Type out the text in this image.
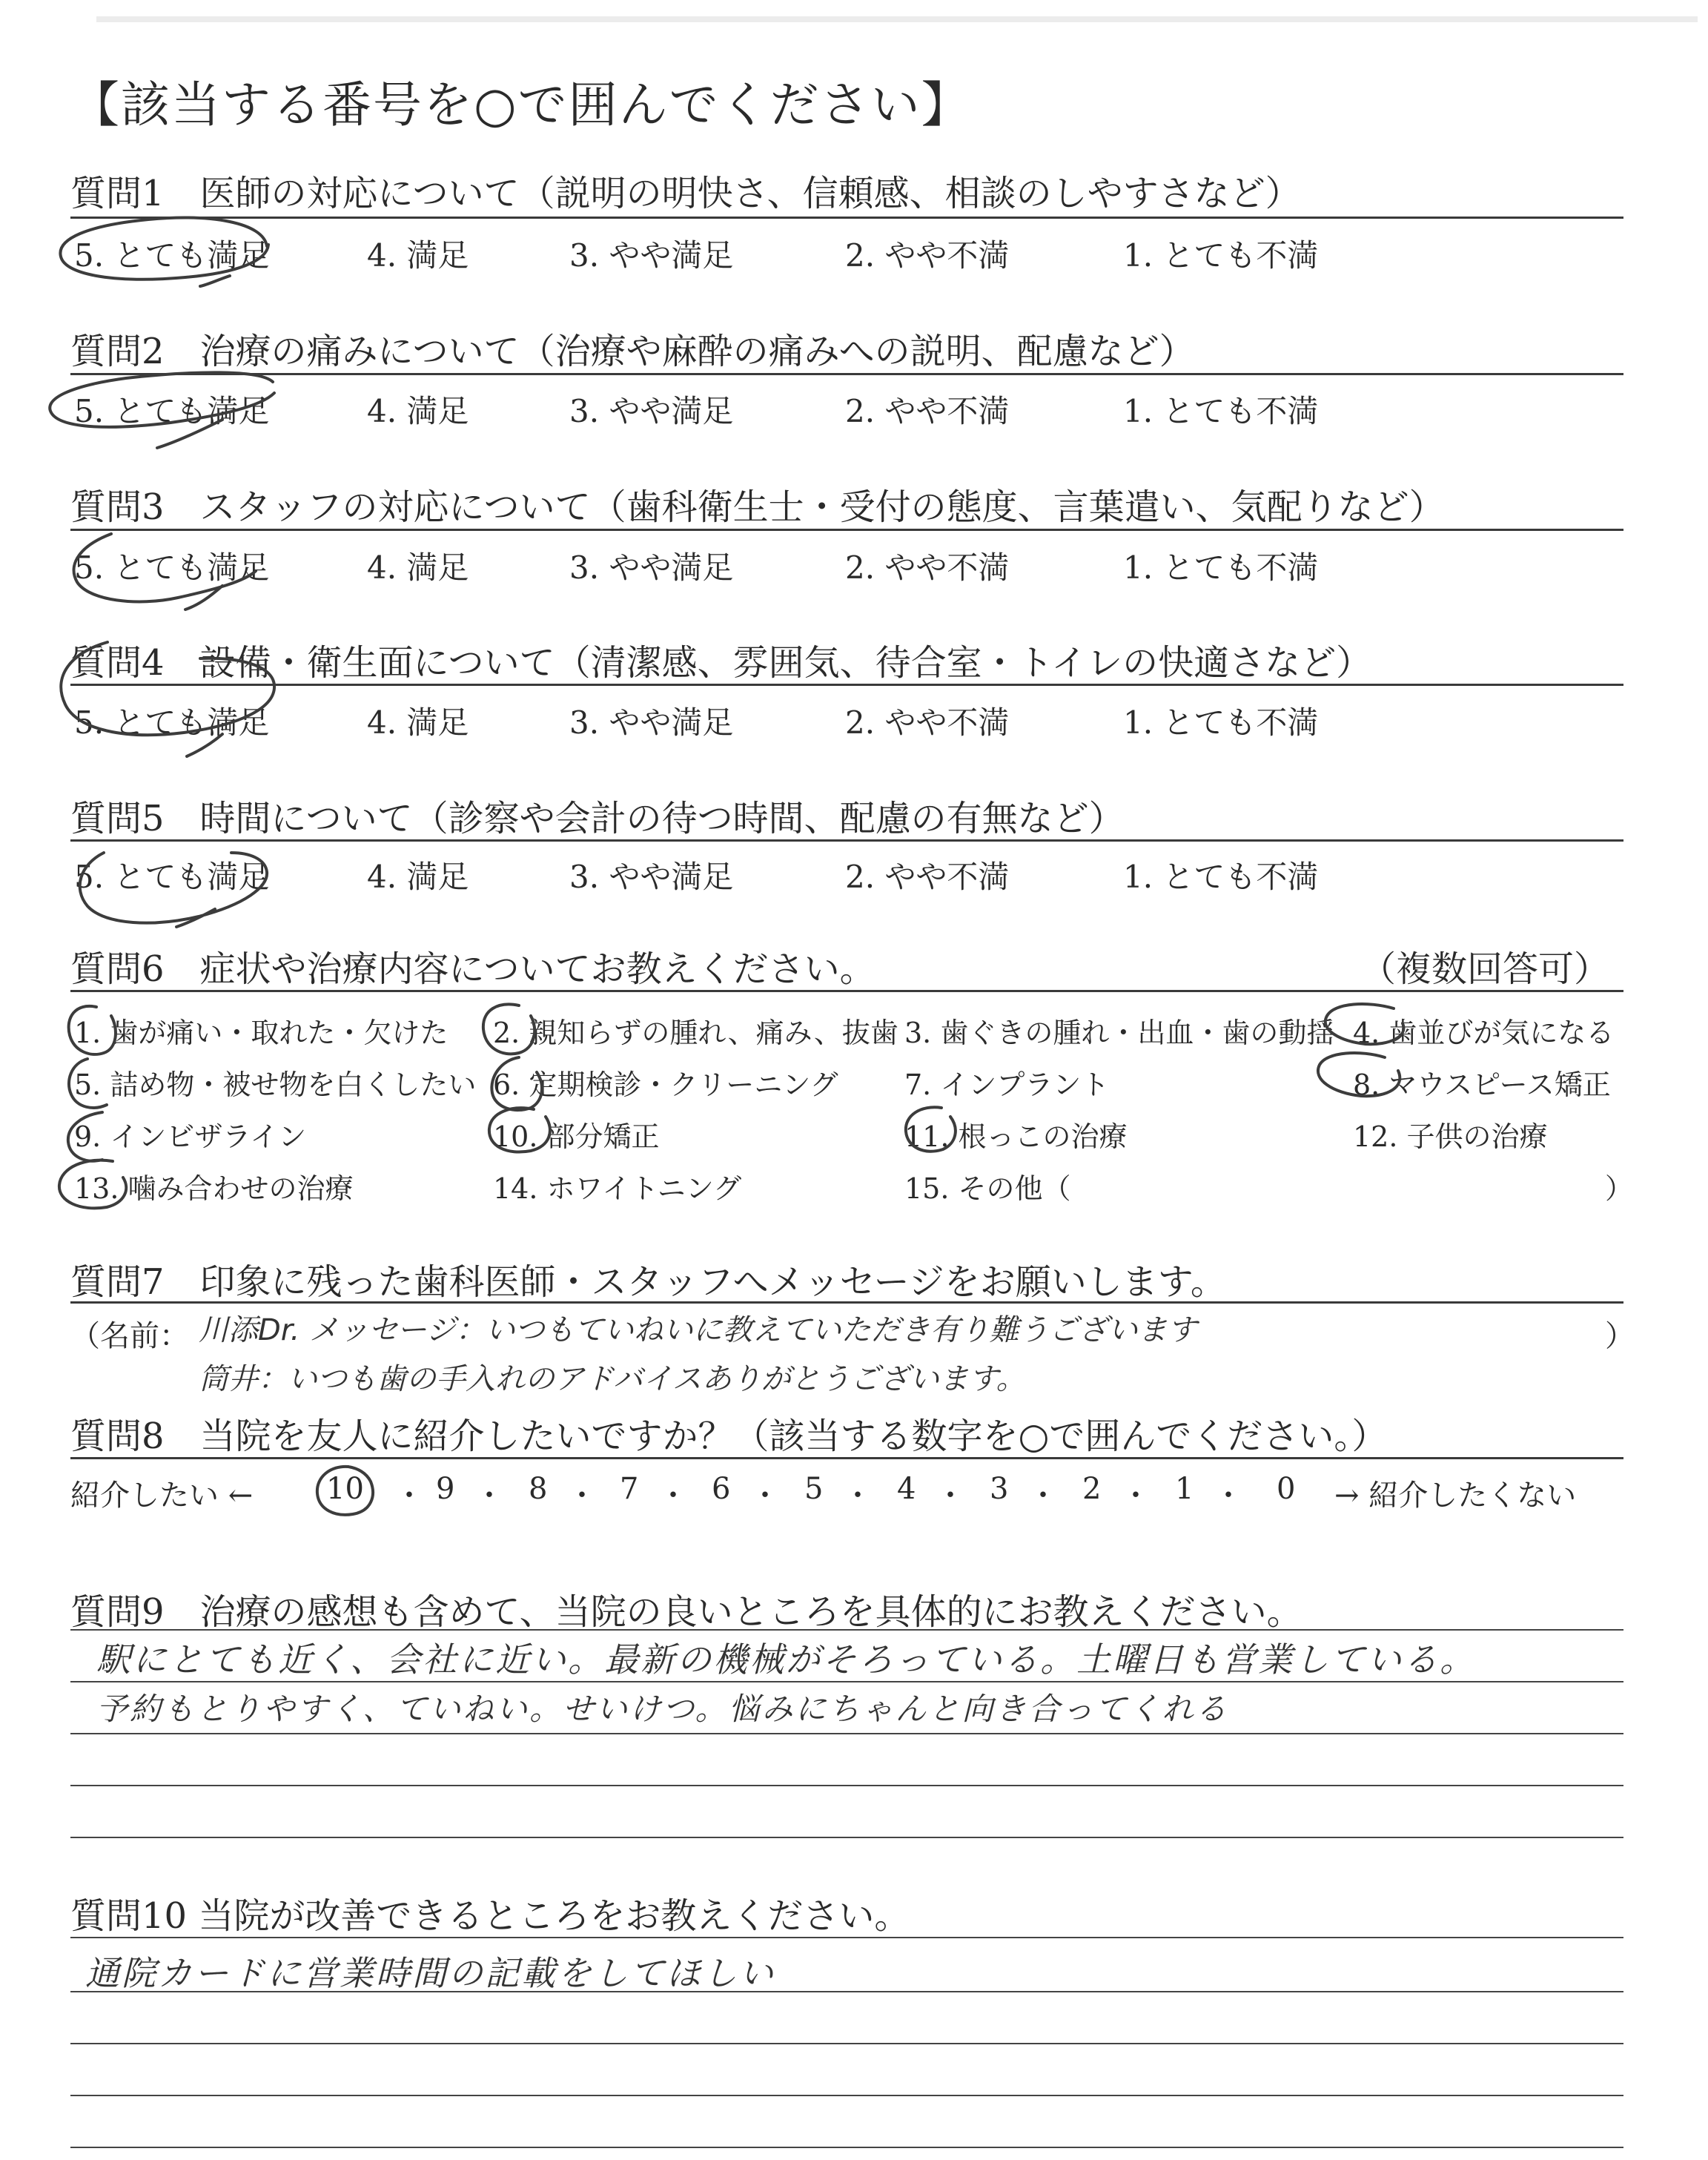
【該当する番号を○で囲んでください】
質問1　医師の対応について（説明の明快さ、信頼感、相談のしやすさなど）
5. とても満足	4. 満足	3. やや満足	2. やや不満	1. とても不満
質問2　治療の痛みについて（治療や麻酔の痛みへの説明、配慮など）
5. とても満足	4. 満足	3. やや満足	2. やや不満	1. とても不満
質問3　スタッフの対応について（歯科衛生士・受付の態度、言葉遣い、気配りなど）
5. とても満足	4. 満足	3. やや満足	2. やや不満	1. とても不満
質問4　設備・衛生面について（清潔感、雰囲気、待合室・トイレの快適さなど）
5. とても満足	4. 満足	3. やや満足	2. やや不満	1. とても不満
質問5　時間について（診察や会計の待つ時間、配慮の有無など）
5. とても満足	4. 満足	3. やや満足	2. やや不満	1. とても不満
質問6　症状や治療内容についてお教えください。	（複数回答可）
1. 歯が痛い・取れた・欠けた 2. 親知らずの腫れ、痛み、抜歯 3. 歯ぐきの腫れ・出血・歯の動揺 4. 歯並びが気になる
5. 詰め物・被せ物を白くしたい 6. 定期検診・クリーニング 7. インプラント	8. マウスピース矯正
9. インビザライン	10. 部分矯正	11. 根っこの治療	12. 子供の治療
13. 噛み合わせの治療	14. ホワイトニング	15. その他（	）
質問7　印象に残った歯科医師・スタッフへメッセージをお願いします。
（名前： 川添Dr. メッセージ：いつもていねいに教えていただき有り難うございます	）
筒井：いつも歯の手入れのアドバイスありがとうございます。
質問8　当院を友人に紹介したいですか？（該当する数字を○で囲んでください。）
紹介したい ←	→ 紹介したくない
10 ・ 9 ・ 8 ・ 7 ・ 6 ・ 5 ・ 4 ・ 3 ・ 2 ・ 1 ・ 0
質問9　治療の感想も含めて、当院の良いところを具体的にお教えください。
駅にとても近く、会社に近い。最新の機械がそろっている。土曜日も営業している。
予約もとりやすく、ていねい。せいけつ。悩みにちゃんと向き合ってくれる
質問10 当院が改善できるところをお教えください。
通院カードに営業時間の記載をしてほしい
